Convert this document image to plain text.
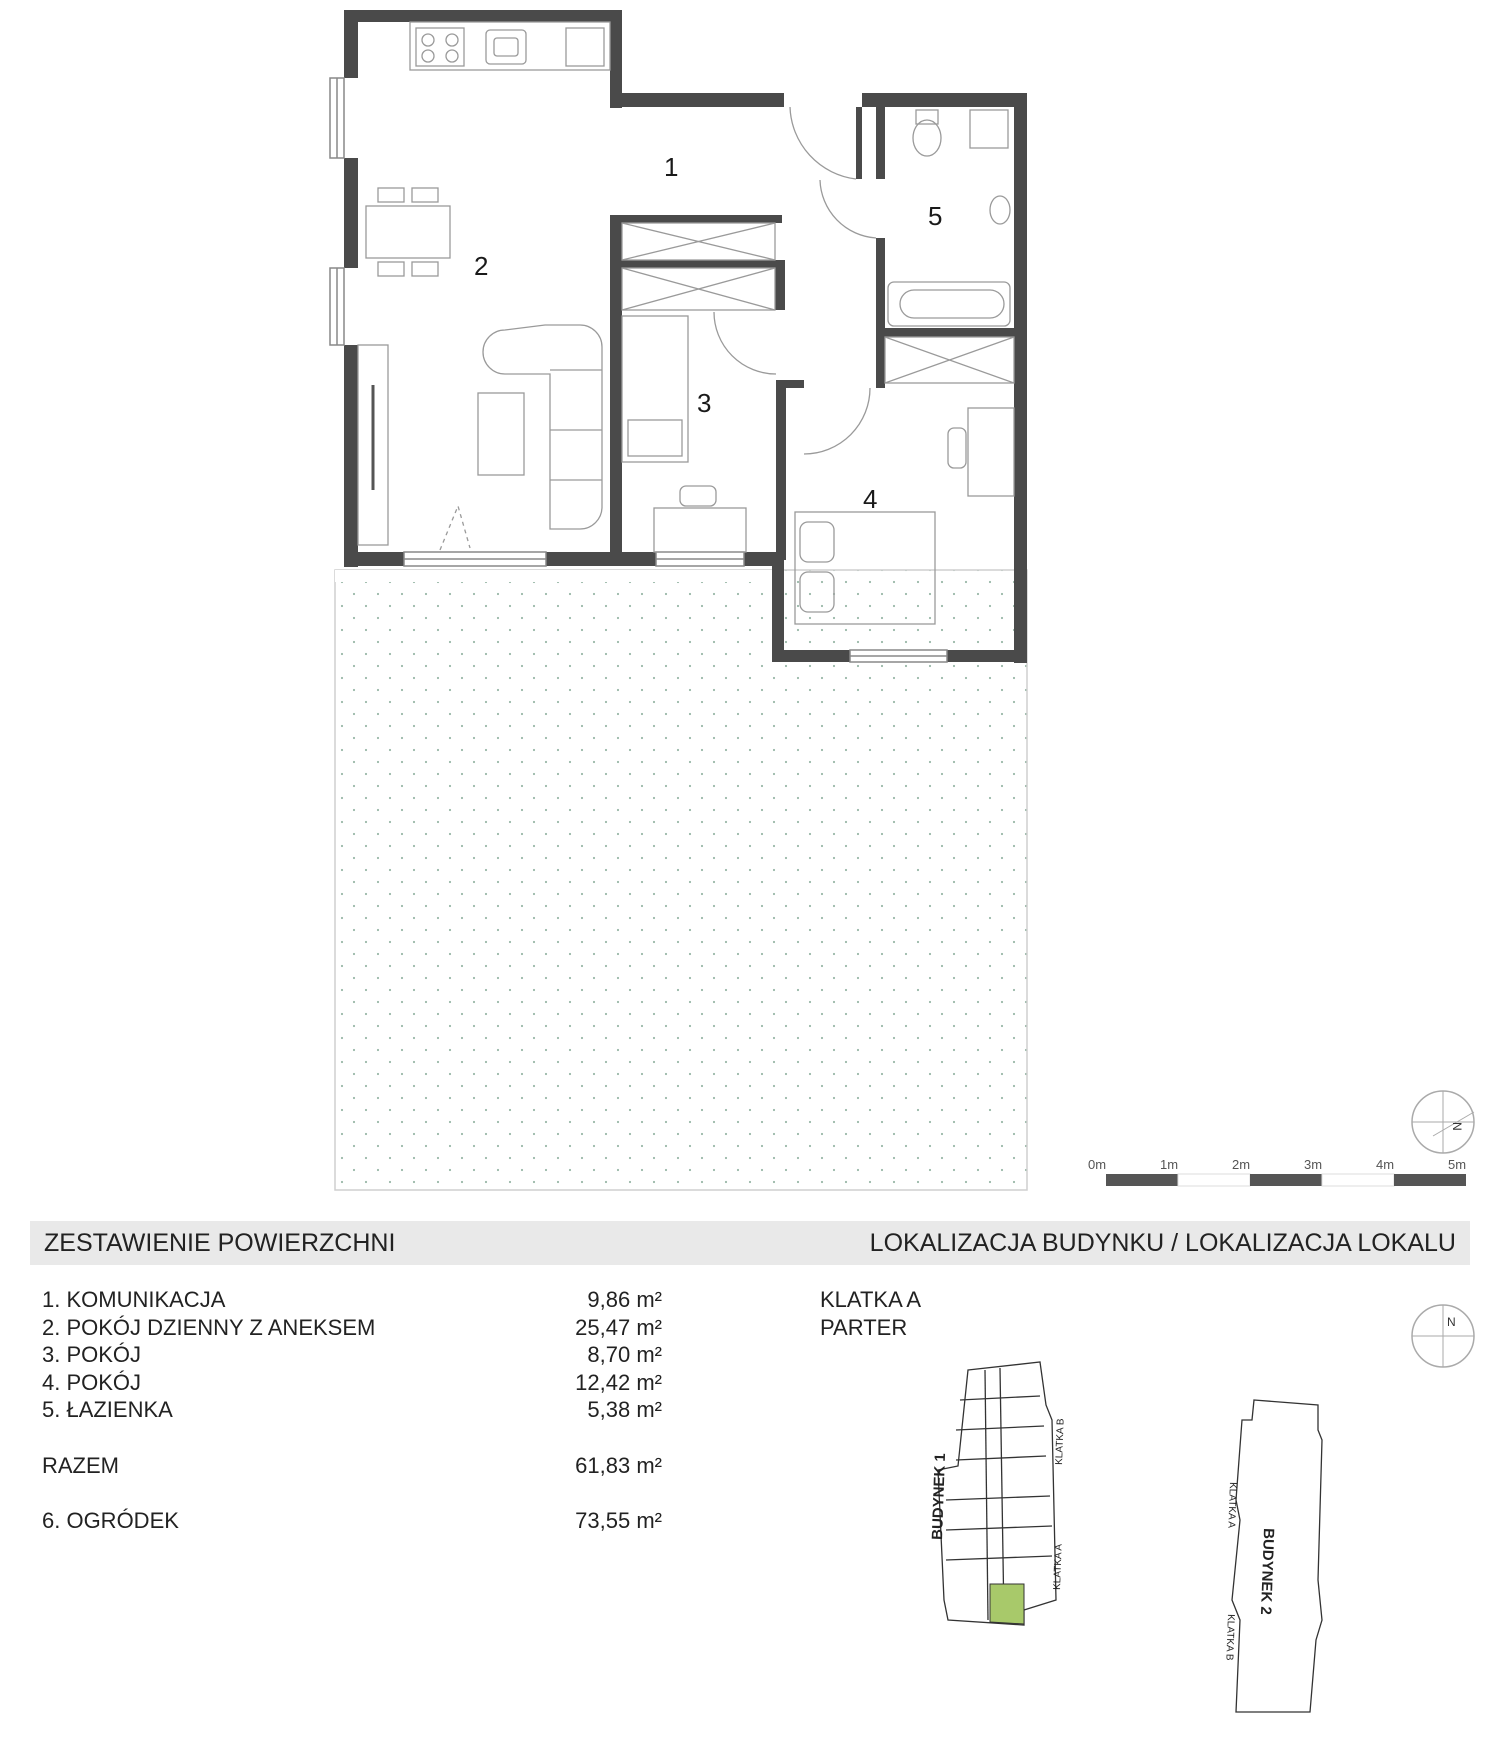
1
2
3
4
5
N
0m	1m	2m	3m	4m	5m
N
BUDYNEK 1
KLATKA B
KLATKA A	BUDYNEK 2
KLATKA A
KLATKA B
ZESTAWIENIE POWIERZCHNI	LOKALIZACJA BUDYNKU / LOKALIZACJA LOKALU
1. KOMUNIKACJA	9,86 m²
2. POKÓJ DZIENNY Z ANEKSEM	25,47 m²
3. POKÓJ	8,70 m²
4. POKÓJ	12,42 m²
5. ŁAZIENKA	5,38 m²
RAZEM	61,83 m²
6. OGRÓDEK	73,55 m²
KLATKA A
PARTER
